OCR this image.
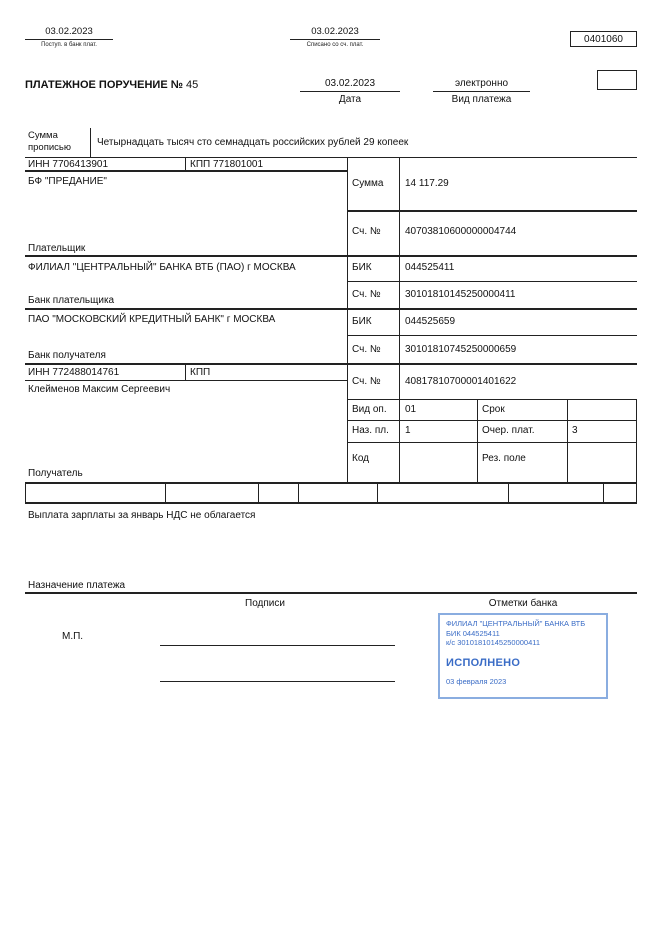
03.02.2023
Поступ. в банк плат.
03.02.2023
Списано со сч. плат.
0401060
ПЛАТЕЖНОЕ ПОРУЧЕНИЕ № 45	03.02.2023
Дата
электронно
Вид платежа
Сумма прописью	Четырнадцать тысяч сто семнадцать российских рублей 29 копеек
ИНН 7706413901	КПП 771801001
БФ "ПРЕДАНИЕ"
Плательщик
Сумма 14 117.29
Сч. № 40703810600000004744
ФИЛИАЛ "ЦЕНТРАЛЬНЫЙ" БАНКА ВТБ (ПАО) г МОСКВА
Банк плательщика
БИК	044525411
Сч. № 30101810145250000411
ПАО "МОСКОВСКИЙ КРЕДИТНЫЙ БАНК" г МОСКВА
Банк получателя
БИК	044525659
Сч. № 30101810745250000659
ИНН 772488014761	КПП
Клейменов Максим Сергеевич
Получатель
Сч. № 40817810700001401622
Вид оп. 01	Срок
Наз. пл. 1	Очер. плат.	3
Код	Рез. поле
Выплата зарплаты за январь НДС не облагается
Назначение платежа
Подписи	Отметки банка
М.П.
ФИЛИАЛ "ЦЕНТРАЛЬНЫЙ" БАНКА ВТБ
БИК 044525411
к/с 30101810145250000411
ИСПОЛНЕНО
03 февраля 2023
